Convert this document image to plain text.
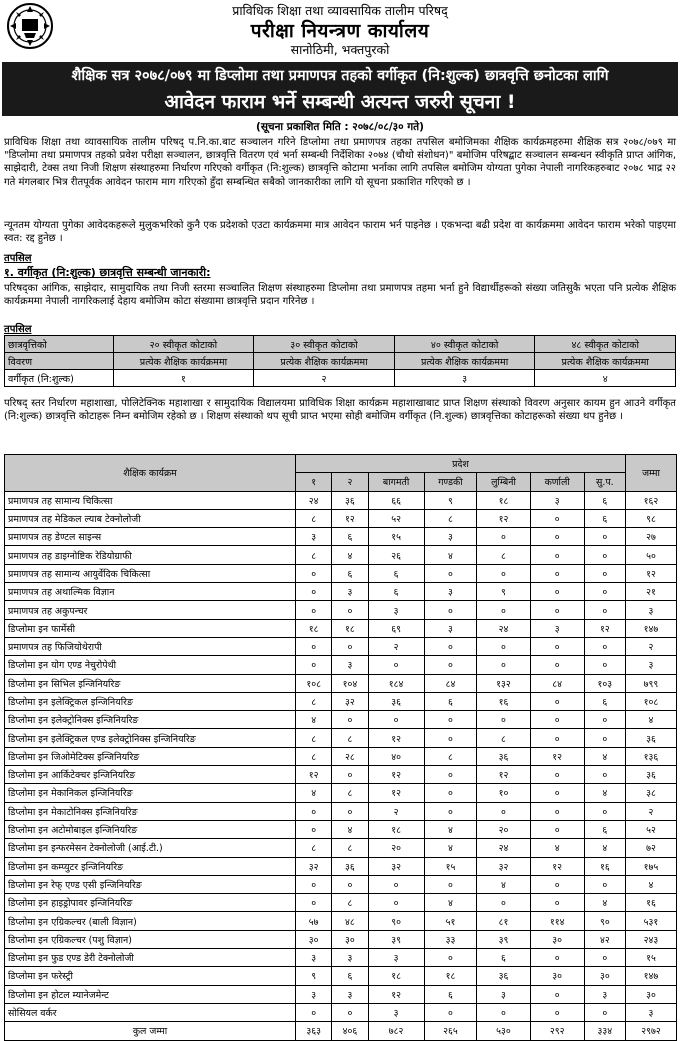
प्राविधिक शिक्षा तथा व्यावसायिक तालीम परिषद्
परीक्षा नियन्त्रण कार्यालय
सानोठिमी, भक्तपुरको
शैक्षिक सत्र २०७८/०७९ मा डिप्लोमा तथा प्रमाणपत्र तहको वर्गीकृत (नि:शुल्क) छात्रवृत्ति छनोटका लागि
आवेदन फाराम भर्ने सम्बन्धी अत्यन्त जरुरी सूचना !
(सूचना प्रकाशित मिति : २०७८/०८/३० गते)
प्राविधिक शिक्षा तथा व्यावसायिक तालीम परिषद् प.नि.का.बाट सञ्चालन गरिने डिप्लोमा तथा प्रमाणपत्र तहका तपसिल बमोजिमका शैक्षिक कार्यक्रमहरुमा शैक्षिक सत्र २०७८/०७९ मा "डिप्लोमा तथा प्रमाणपत्र तहको प्रवेश परीक्षा सञ्चालन, छात्रवृत्ति वितरण एवं भर्ना सम्बन्धी निर्देशिका २०७४ (चौथो संशोधन)" बमोजिम परिषद्बाट सञ्चालन सम्बन्धन स्वीकृति प्राप्त आंगिक, साझेदारी, टेक्स तथा निजी शिक्षण संस्थाहरुमा निर्धारण गरिएको वर्गीकृत (नि:शुल्क) छात्रवृत्ति कोटामा भर्नाका लागि तपसिल बमोजिम योग्यता पुगेका नेपाली नागरिकहरुबाट २०७८ भाद्र २२ गते मंगलबार भित्र रीतपूर्वक आवेदन फाराम माग गरिएको हुँदा सम्बन्धित सबैको जानकारीका लागि यो सूचना प्रकाशित गरिएको छ ।
न्यूनतम योग्यता पुगेका आवेदकहरूले मुलुकभरिको कुनै एक प्रदेशको एउटा कार्यक्रममा मात्र आवेदन फाराम भर्न पाइनेछ । एकभन्दा बढी प्रदेश वा कार्यक्रममा आवेदन फाराम भरेको पाइएमा स्वत: रद्द हुनेछ ।
तपसिल
१. वर्गीकृत (नि:शुल्क) छात्रवृत्ति सम्बन्धी जानकारी:
परिषद्का आंगिक, साझेदार, सामुदायिक तथा निजी स्तरमा सञ्चालित शिक्षण संस्थाहरुमा डिप्लोमा तथा प्रमाणपत्र तहमा भर्ना हुने विद्यार्थीहरूको संख्या जतिसुकै भएता पनि प्रत्येक शैक्षिक कार्यक्रममा नेपाली नागरिकलाई देहाय बमोजिम कोटा संख्यामा छात्रवृत्ति प्रदान गरिनेछ ।
तपसिल
छात्रवृत्तिको	२० स्वीकृत कोटाको	३० स्वीकृत कोटाको	४० स्वीकृत कोटाको	४८ स्वीकृत कोटाको
विवरण	प्रत्येक शैक्षिक कार्यक्रममा	प्रत्येक शैक्षिक कार्यक्रममा	प्रत्येक शैक्षिक कार्यक्रममा	प्रत्येक शैक्षिक कार्यक्रममा
वर्गीकृत (नि:शुल्क)	१	२	३	४
परिषद् स्तर निर्धारण महाशाखा, पोलिटेक्निक महाशाखा र सामुदायिक विद्यालयमा प्राविधिक शिक्षा कार्यक्रम महाशाखाबाट प्राप्त शिक्षण संस्थाको विवरण अनुसार कायम हुन आउने वर्गीकृत (नि:शुल्क) छात्रवृत्ति कोटाहरू निम्न बमोजिम रहेको छ । शिक्षण संस्थाको थप सूची प्राप्त भएमा सोही बमोजिम वर्गीकृत (नि.शुल्क) छात्रवृत्तिका कोटाहरूको संख्या थप हुनेछ ।
शैक्षिक कार्यक्रम	प्रदेश							जम्मा
	१	२	बागमती	गण्डकी	लुम्बिनी	कर्णाली	सु.प.	
प्रमाणपत्र तह सामान्य चिकित्सा	२४	३६	६६	९	१८	३	६	१६२
प्रमाणपत्र तह मेडिकल ल्याब टेक्नोलोजी	८	१२	५२	८	१२	०	६	९८
प्रमाणपत्र तह डेण्टल साइन्स	३	६	१५	३	०	०	०	२७
प्रमाणपत्र तह डाइग्नोष्टिक रेडियोग्राफी	८	४	२६	४	८	०	०	५०
प्रमाणपत्र तह सामान्य आयुर्वेदिक चिकित्सा	०	६	६	०	०	०	०	१२
प्रमाणपत्र तह अथाल्मिक विज्ञान	०	३	६	३	९	०	०	२१
प्रमाणपत्र तह अकुपन्चर	०	०	३	०	०	०	०	३
डिप्लोमा इन फार्मेसी	१८	१८	६९	३	२४	३	१२	१४७
प्रमाणपत्र तह फिजियोथेरापी	०	०	२	०	०	०	०	२
डिप्लोमा इन योग एण्ड नेचुरोपेथी	०	३	०	०	०	०	०	३
डिप्लोमा इन सिभिल इन्जिनियरिङ	१०८	१०४	१८४	८४	१३२	८४	१०३	७९९
डिप्लोमा इन इलेक्ट्रिकल इन्जिनियरिङ	८	३२	३६	६	१६	०	६	१०८
डिप्लोमा इन इलेक्ट्रोनिक्स इन्जिनियरिङ	४	०	०	०	०	०	०	४
डिप्लोमा इन इलेक्ट्रिकल एण्ड इलेक्ट्रोनिक्स इन्जिनियरिङ	८	८	१२	०	८	०	०	३६
डिप्लोमा इन जिओमेटिक्स इन्जिनियरिङ	८	२८	४०	८	३६	१२	४	१३६
डिप्लोमा इन आर्किटेक्चर इन्जिनियरिङ	१२	०	१२	०	१२	०	०	३६
डिप्लोमा इन मेकानिकल इन्जिनियरिङ	४	८	१२	०	१०	०	४	३८
डिप्लोमा इन मेकाटोनिक्स इन्जिनियरिङ	०	०	२	०	०	०	०	२
डिप्लोमा इन अटोमोबाइल इन्जिनियरिङ	०	४	१८	४	२०	०	६	५२
डिप्लोमा इन इन्फरमेसन टेक्नोलोजी (आई.टी.)	८	८	२०	४	२४	४	४	७२
डिप्लोमा इन कम्प्युटर इन्जिनियरिङ	३२	३६	३२	१५	३२	१२	१६	१७५
डिप्लोमा इन रेफ् एण्ड एसी इन्जिनियरिङ	०	०	०	०	४	०	०	४
डिप्लोमा इन हाइड्रोपावर इन्जिनियरिङ	०	८	०	४	०	०	४	१६
डिप्लोमा इन एग्रिकल्चर (बाली विज्ञान)	५७	४८	९०	५१	८१	११४	९०	५३१
डिप्लोमा इन एग्रिकल्चर (पशु विज्ञान)	३०	३०	३९	३३	३९	३०	४२	२४३
डिप्लोमा इन फुड एण्ड डेरी टेक्नोलोजी	३	३	३	०	६	०	०	१५
डिप्लोमा इन फरेस्ट्री	९	६	१८	१८	३६	३०	३०	१४७
डिप्लोमा इन होटल म्यानेजमेन्ट	३	३	१२	६	३	०	३	३०
सोसियल वर्कर	०	०	३	०	०	०	०	३
कुल जम्मा	३६३	४०६	७८२	२६५	५३०	२९२	३३४	२९७२
